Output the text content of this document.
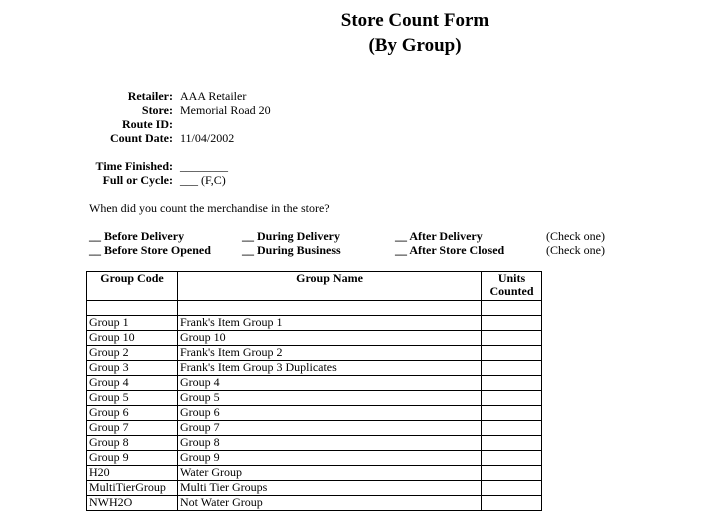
Store Count Form
(By Group)
Retailer: AAA Retailer
Store: Memorial Road 20
Route ID:
Count Date: 11/04/2002
Time Finished: ________
Full or Cycle: ___ (F,C)
When did you count the merchandise in the store?
__ Before Delivery	__ During Delivery	__ After Delivery	(Check one)
__ Before Store Opened	__ During Business	__ After Store Closed	(Check one)
Group Code	Group Name	Units
Counted

Group 1	Frank's Item Group 1	
Group 10	Group 10	
Group 2	Frank's Item Group 2	
Group 3	Frank's Item Group 3 Duplicates	
Group 4	Group 4	
Group 5	Group 5	
Group 6	Group 6	
Group 7	Group 7	
Group 8	Group 8	
Group 9	Group 9	
H20	Water Group	
MultiTierGroup	Multi Tier Groups	
NWH2O	Not Water Group	
